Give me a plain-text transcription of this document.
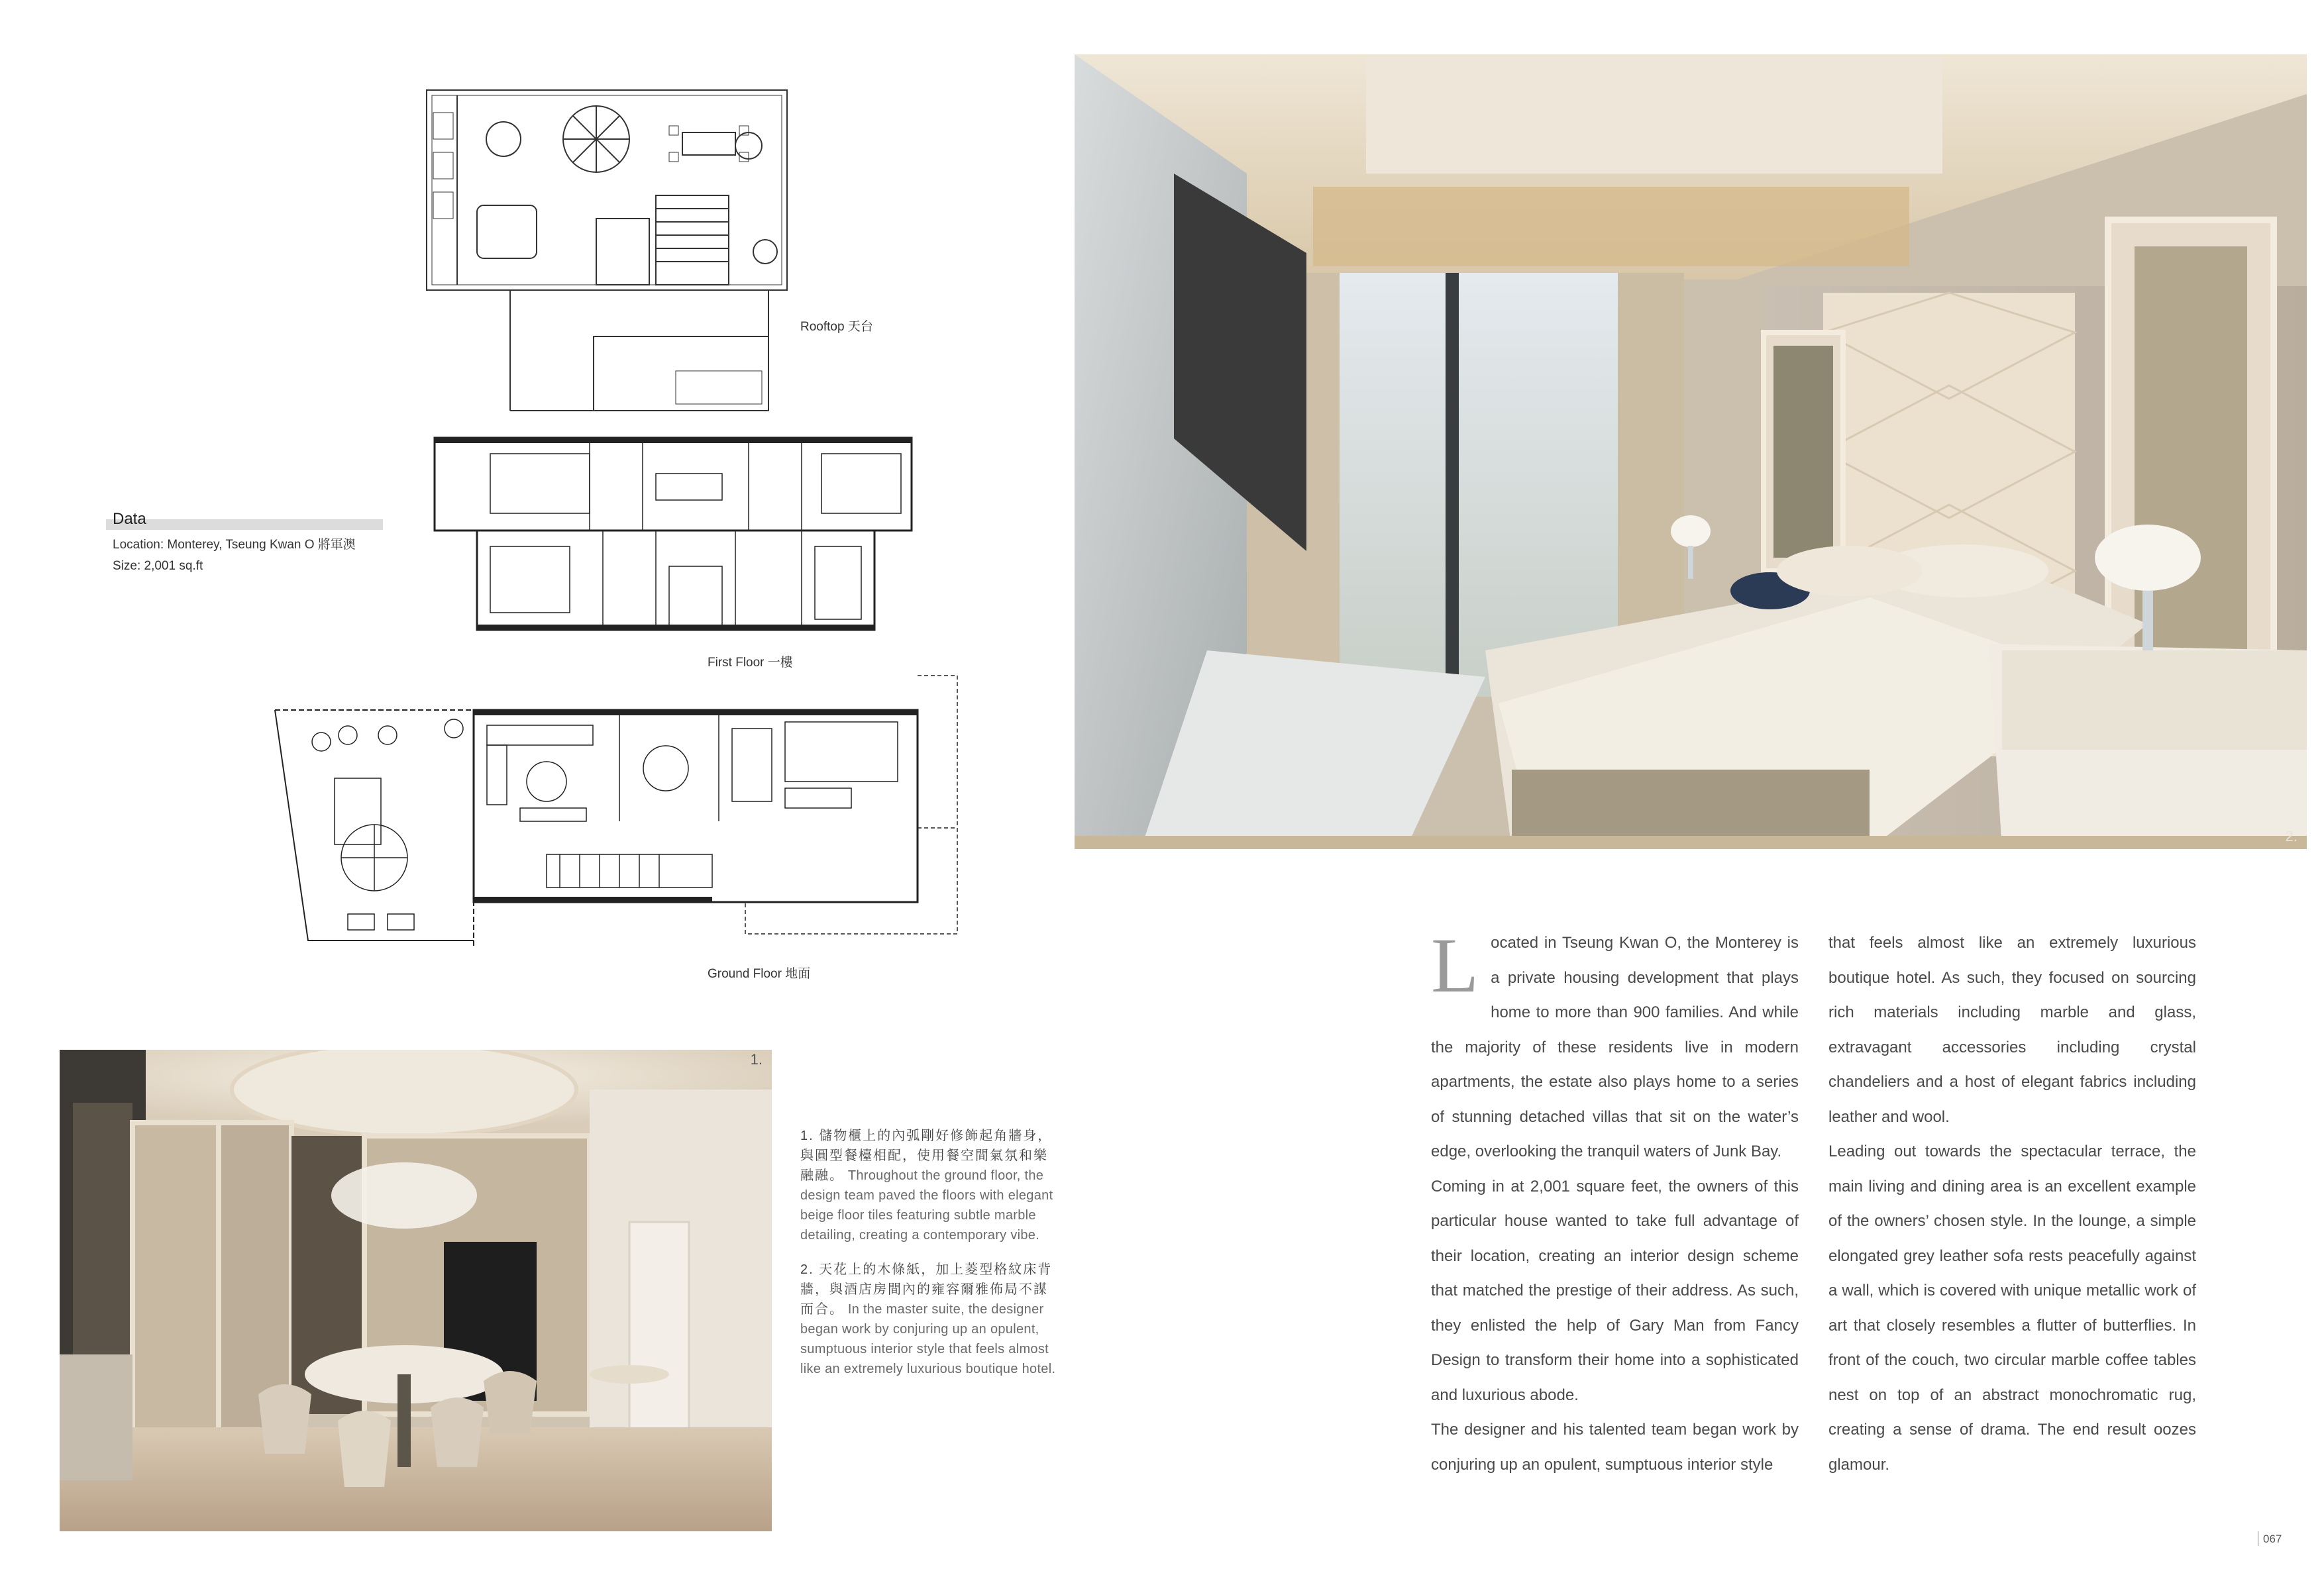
Rooftop 天台
First Floor 一樓
Ground Floor 地面
Data
Location: Monterey, Tseung Kwan O 將軍澳
Size: 2,001 sq.ft
2.
1.

1. 儲物櫃上的內弧剛好修飾起角牆身，與圓型餐檯相配，使用餐空間氣氛和樂融融。 Throughout the ground floor, the design team paved the floors with elegant beige floor tiles featuring subtle marble detailing, creating a contemporary vibe.

2. 天花上的木條紙，加上菱型格紋床背牆，與酒店房間內的雍容爾雅佈局不謀而合。 In the master suite, the designer began work by conjuring up an opulent, sumptuous interior style that feels almost like an extremely luxurious boutique hotel.

Located in Tseung Kwan O, the Monterey is a private housing development that plays home to more than 900 families. And while the majority of these residents live in modern apartments, the estate also plays home to a series of stunning detached villas that sit on the water’s edge, overlooking the tranquil waters of Junk Bay.

Coming in at 2,001 square feet, the owners of this particular house wanted to take full advantage of their location, creating an interior design scheme that matched the prestige of their address. As such, they enlisted the help of Gary Man from Fancy Design to transform their home into a sophisticated and luxurious abode.

The designer and his talented team began work by conjuring up an opulent, sumptuous interior style

that feels almost like an extremely luxurious boutique hotel. As such, they focused on sourcing rich materials including marble and glass, extravagant accessories including crystal chandeliers and a host of elegant fabrics including leather and wool.

Leading out towards the spectacular terrace, the main living and dining area is an excellent example of the owners’ chosen style. In the lounge, a simple elongated grey leather sofa rests peacefully against a wall, which is covered with unique metallic work of art that closely resembles a flutter of butterflies. In front of the couch, two circular marble coffee tables nest on top of an abstract monochromatic rug, creating a sense of drama. The end result oozes glamour.

067
